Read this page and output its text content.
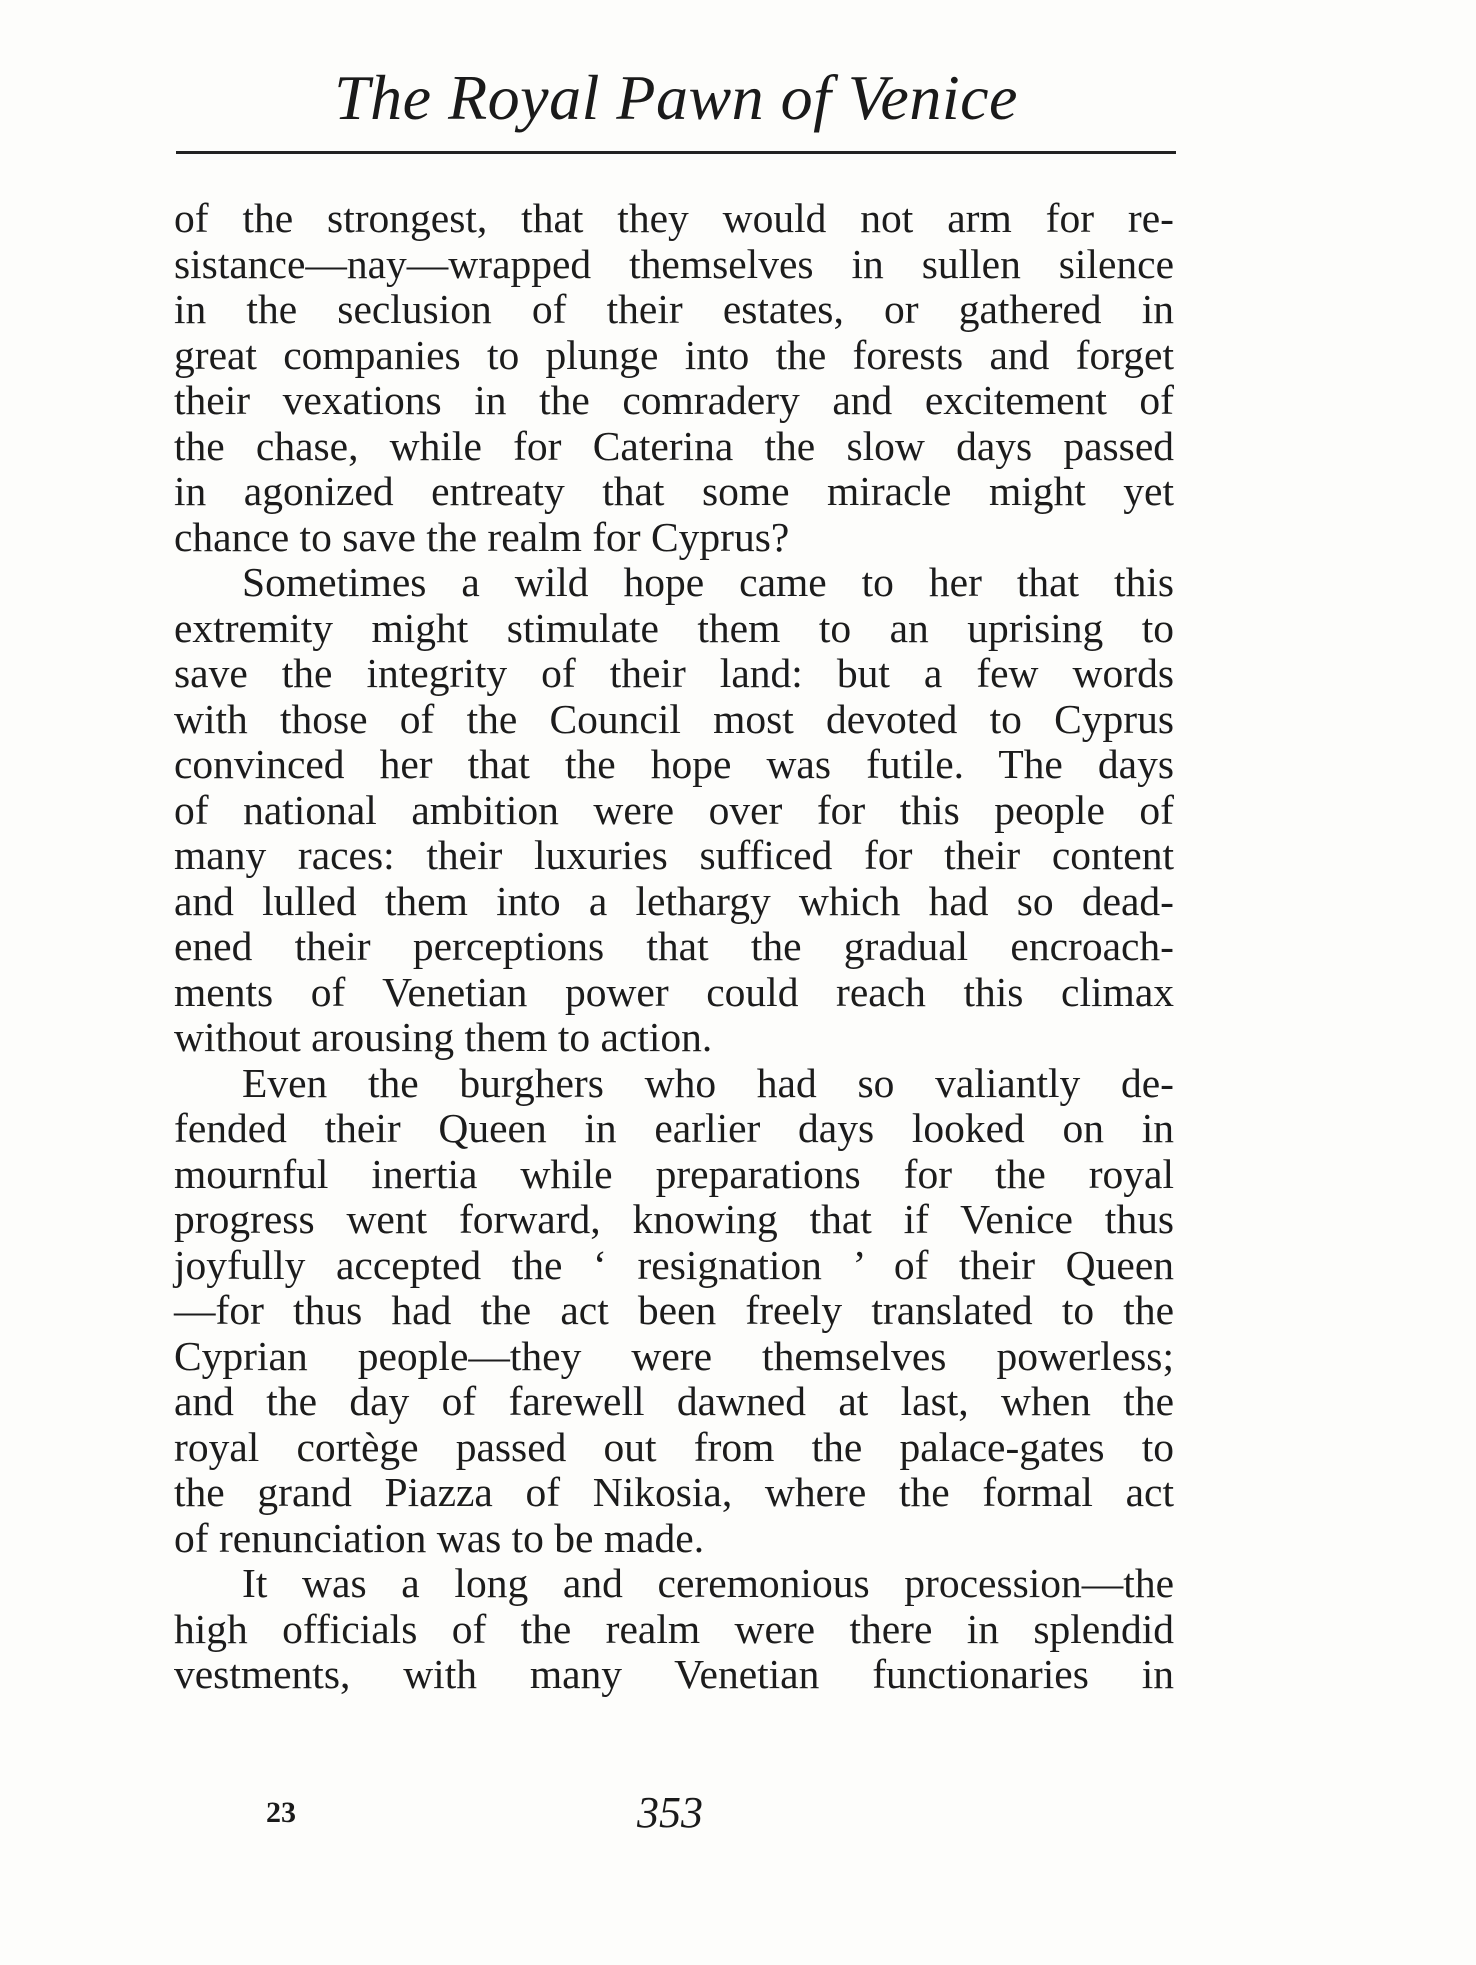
The Royal Pawn of Venice
of the strongest, that they would not arm for re-
sistance—nay—wrapped themselves in sullen silence
in the seclusion of their estates, or gathered in
great companies to plunge into the forests and forget
their vexations in the comradery and excitement of
the chase, while for Caterina the slow days passed
in agonized entreaty that some miracle might yet
chance to save the realm for Cyprus?
Sometimes a wild hope came to her that this
extremity might stimulate them to an uprising to
save the integrity of their land: but a few words
with those of the Council most devoted to Cyprus
convinced her that the hope was futile. The days
of national ambition were over for this people of
many races: their luxuries sufficed for their content
and lulled them into a lethargy which had so dead-
ened their perceptions that the gradual encroach-
ments of Venetian power could reach this climax
without arousing them to action.
Even the burghers who had so valiantly de-
fended their Queen in earlier days looked on in
mournful inertia while preparations for the royal
progress went forward, knowing that if Venice thus
joyfully accepted the ‘ resignation ’ of their Queen
—for thus had the act been freely translated to the
Cyprian people—they were themselves powerless;
and the day of farewell dawned at last, when the
royal cortège passed out from the palace-gates to
the grand Piazza of Nikosia, where the formal act
of renunciation was to be made.
It was a long and ceremonious procession—the
high officials of the realm were there in splendid
vestments, with many Venetian functionaries in
23	353
